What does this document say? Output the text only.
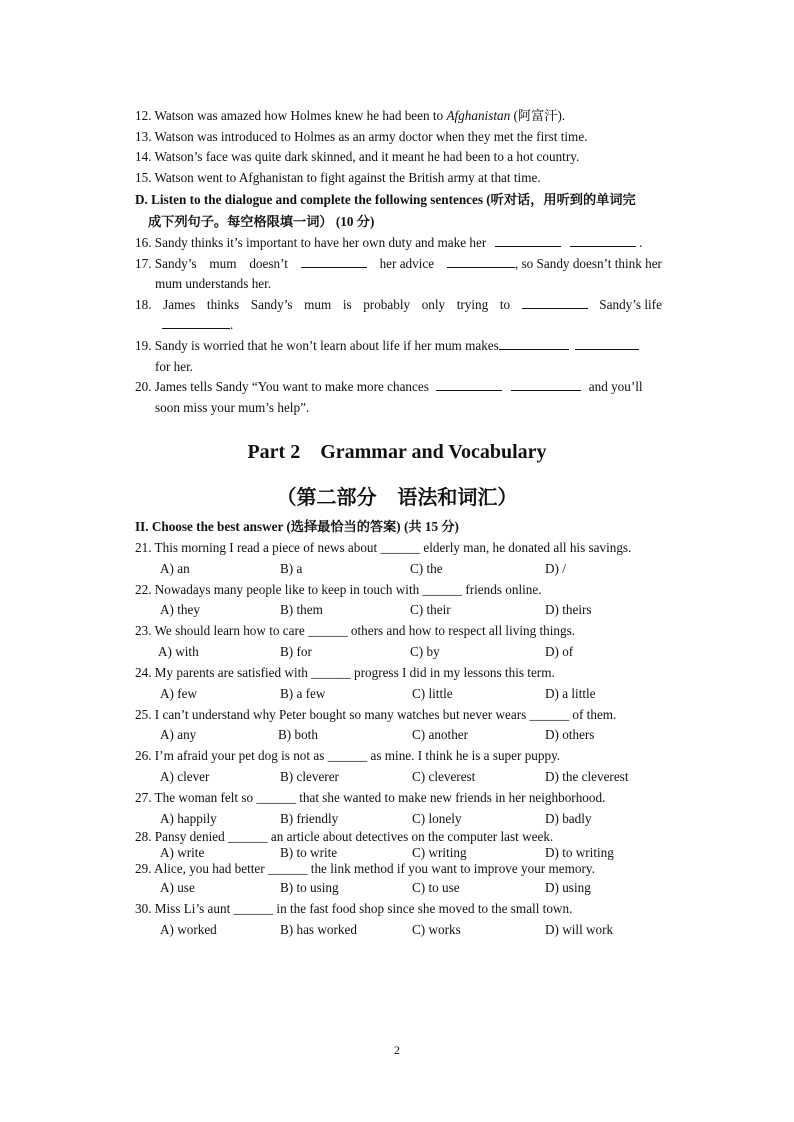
12. Watson was amazed how Holmes knew he had been to Afghanistan (阿富汗).
13. Watson was introduced to Holmes as an army doctor when they met the first time.
14. Watson’s face was quite dark skinned, and it meant he had been to a hot country.
15. Watson went to Afghanistan to fight against the British army at that time.
D. Listen to the dialogue and complete the following sentences (听对话，用听到的单词完
成下列句子。每空格限填一词） (10 分)
16. Sandy thinks it’s important to have her own duty and make her	.
17. Sandy’s mum doesn’t	her advice	, so Sandy doesn’t think her
mum understands her.
18. James thinks Sandy’s mum is probably only trying to	Sandy’s life
.
19. Sandy is worried that he won’t learn about life if her mum makes
for her.
20. James tells Sandy “You want to make more chances	and you’ll
soon miss your mum’s help”.
Part 2    Grammar and Vocabulary
（第二部分   语法和词汇）
II. Choose the best answer (选择最恰当的答案) (共 15 分)
21. This morning I read a piece of news about ______ elderly man, he donated all his savings.
A) an	B) a	C) the	D) /
22. Nowadays many people like to keep in touch with ______ friends online.
A) they	B) them	C) their	D) theirs
23. We should learn how to care ______ others and how to respect all living things.
A) with	B) for	C) by	D) of
24. My parents are satisfied with ______ progress I did in my lessons this term.
A) few	B) a few	C) little	D) a little
25. I can’t understand why Peter bought so many watches but never wears ______ of them.
A) any	B) both	C) another	D) others
26. I’m afraid your pet dog is not as ______ as mine. I think he is a super puppy.
A) clever	B) cleverer	C) cleverest	D) the cleverest
27. The woman felt so ______ that she wanted to make new friends in her neighborhood.
A) happily	B) friendly	C) lonely	D) badly
28. Pansy denied ______ an article about detectives on the computer last week.
A) write	B) to write	C) writing	D) to writing
29. Alice, you had better ______ the link method if you want to improve your memory.
A) use	B) to using	C) to use	D) using
30. Miss Li’s aunt ______ in the fast food shop since she moved to the small town.
A) worked	B) has worked	C) works	D) will work
2
